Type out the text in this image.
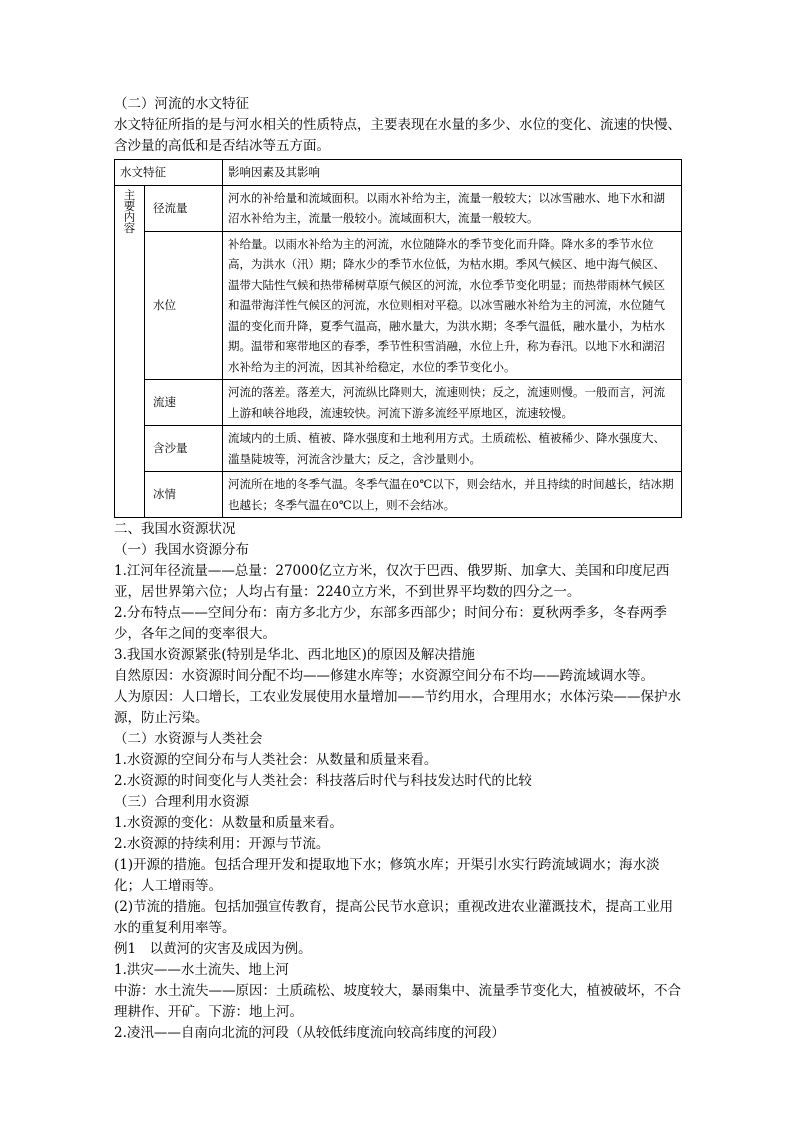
（二）河流的水文特征

水文特征所指的是与河水相关的性质特点，主要表现在水量的多少、水位的变化、流速的快慢、含沙量的高低和是否结冰等五方面。

水文特征		影响因素及其影响

主
要
内
容	径流量	河水的补给量和流域面积。以雨水补给为主，流量一般较大；以冰雪融水、地下水和湖沼水补给为主，流量一般较小。流域面积大，流量一般较大。
	水位	补给量。以雨水补给为主的河流，水位随降水的季节变化而升降。降水多的季节水位高，为洪水（汛）期；降水少的季节水位低，为枯水期。季风气候区、地中海气候区、温带大陆性气候和热带稀树草原气候区的河流，水位季节变化明显；而热带雨林气候区和温带海洋性气候区的河流，水位则相对平稳。以冰雪融水补给为主的河流，水位随气温的变化而升降，夏季气温高，融水量大，为洪水期；冬季气温低，融水量小，为枯水期。温带和寒带地区的春季，季节性积雪消融，水位上升，称为春汛。以地下水和湖沼水补给为主的河流，因其补给稳定，水位的季节变化小。
	流速	河流的落差。落差大，河流纵比降则大，流速则快；反之，流速则慢。一般而言，河流上游和峡谷地段，流速较快。河流下游多流经平原地区，流速较慢。
	含沙量	流域内的土质、植被、降水强度和土地利用方式。土质疏松、植被稀少、降水强度大、滥垦陡坡等，河流含沙量大；反之，含沙量则小。
	冰情	河流所在地的冬季气温。冬季气温在0℃以下，则会结水，并且持续的时间越长，结冰期也越长；冬季气温在0℃以上，则不会结冰。

二、我国水资源状况

（一）我国水资源分布

1.江河年径流量——总量：27000亿立方米，仅次于巴西、俄罗斯、加拿大、美国和印度尼西亚，居世界第六位；人均占有量：2240立方米，不到世界平均数的四分之一。

2.分布特点——空间分布：南方多北方少，东部多西部少；时间分布：夏秋两季多，冬春两季少，各年之间的变率很大。

3.我国水资源紧张(特别是华北、西北地区)的原因及解决措施

自然原因：水资源时间分配不均——修建水库等；水资源空间分布不均——跨流域调水等。

人为原因：人口增长，工农业发展使用水量增加——节约用水，合理用水；水体污染——保护水源，防止污染。

（二）水资源与人类社会

1.水资源的空间分布与人类社会：从数量和质量来看。

2.水资源的时间变化与人类社会：科技落后时代与科技发达时代的比较

（三）合理利用水资源

1.水资源的变化：从数量和质量来看。

2.水资源的持续利用：开源与节流。

(1)开源的措施。包括合理开发和提取地下水；修筑水库；开渠引水实行跨流域调水；海水淡化；人工增雨等。

(2)节流的措施。包括加强宣传教育，提高公民节水意识；重视改进农业灌溉技术，提高工业用水的重复利用率等。

例1　以黄河的灾害及成因为例。

1.洪灾——水土流失、地上河

中游：水土流失——原因：土质疏松、坡度较大，暴雨集中、流量季节变化大，植被破坏，不合理耕作、开矿。下游：地上河。

2.凌汛——自南向北流的河段（从较低纬度流向较高纬度的河段）
